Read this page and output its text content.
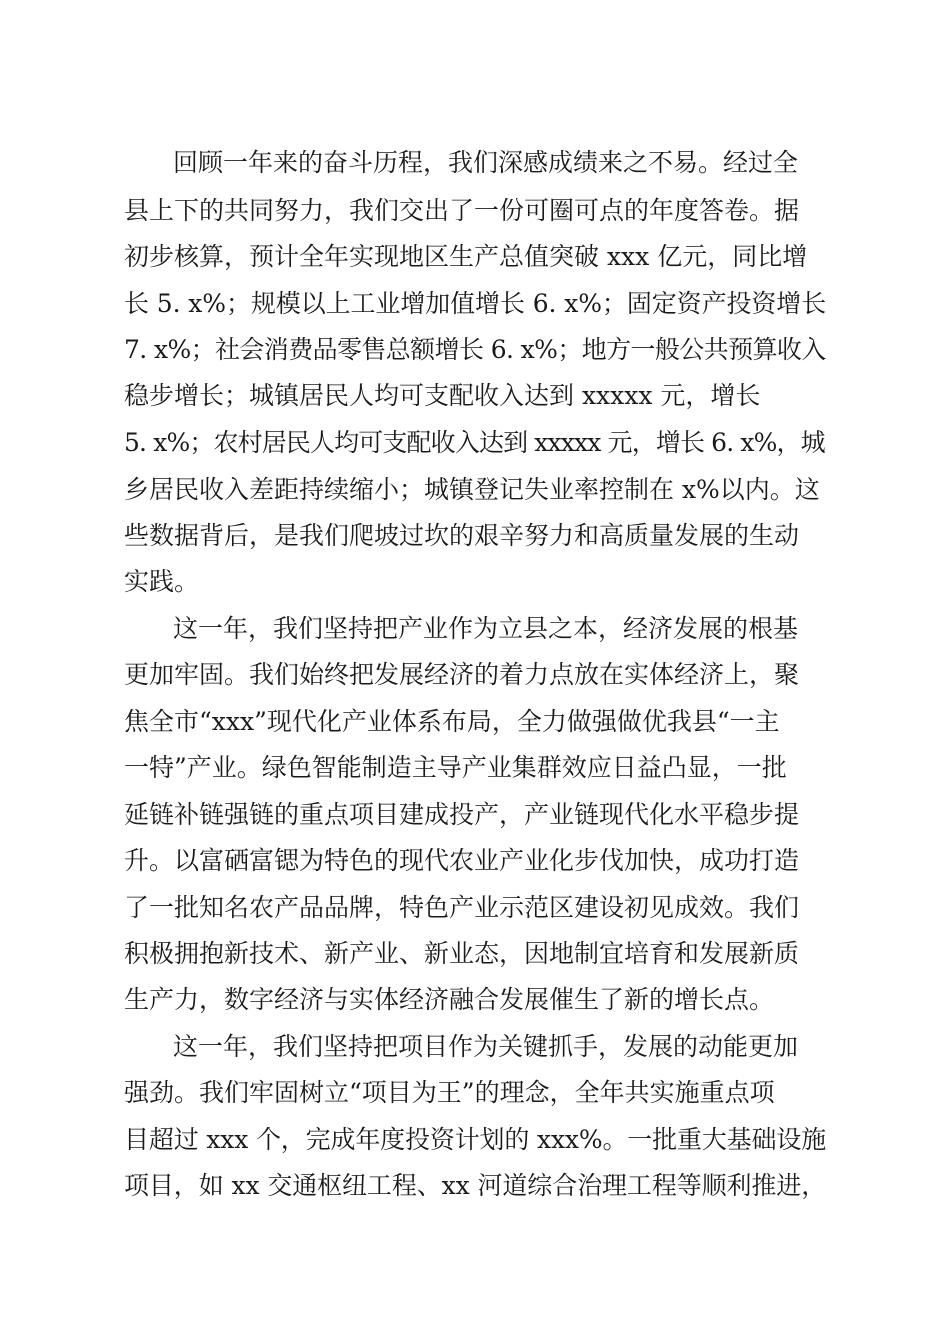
回顾一年来的奋斗历程，我们深感成绩来之不易。经过全
县上下的共同努力，我们交出了一份可圈可点的年度答卷。据
初步核算，预计全年实现地区生产总值突破 xxx 亿元，同比增
长 5. x%；规模以上工业增加值增长 6. x%；固定资产投资增长
7. x%；社会消费品零售总额增长 6. x%；地方一般公共预算收入
稳步增长；城镇居民人均可支配收入达到 xxxxx 元，增长
5. x%；农村居民人均可支配收入达到 xxxxx 元，增长 6. x%，城
乡居民收入差距持续缩小；城镇登记失业率控制在 x%以内。这
些数据背后，是我们爬坡过坎的艰辛努力和高质量发展的生动
实践。
这一年，我们坚持把产业作为立县之本，经济发展的根基
更加牢固。我们始终把发展经济的着力点放在实体经济上，聚
焦全市“xxx”现代化产业体系布局，全力做强做优我县“一主
一特”产业。绿色智能制造主导产业集群效应日益凸显，一批
延链补链强链的重点项目建成投产，产业链现代化水平稳步提
升。以富硒富锶为特色的现代农业产业化步伐加快，成功打造
了一批知名农产品品牌，特色产业示范区建设初见成效。我们
积极拥抱新技术、新产业、新业态，因地制宜培育和发展新质
生产力，数字经济与实体经济融合发展催生了新的增长点。
这一年，我们坚持把项目作为关键抓手，发展的动能更加
强劲。我们牢固树立“项目为王”的理念，全年共实施重点项
目超过 xxx 个，完成年度投资计划的 xxx%。一批重大基础设施
项目，如 xx 交通枢纽工程、xx 河道综合治理工程等顺利推进，
